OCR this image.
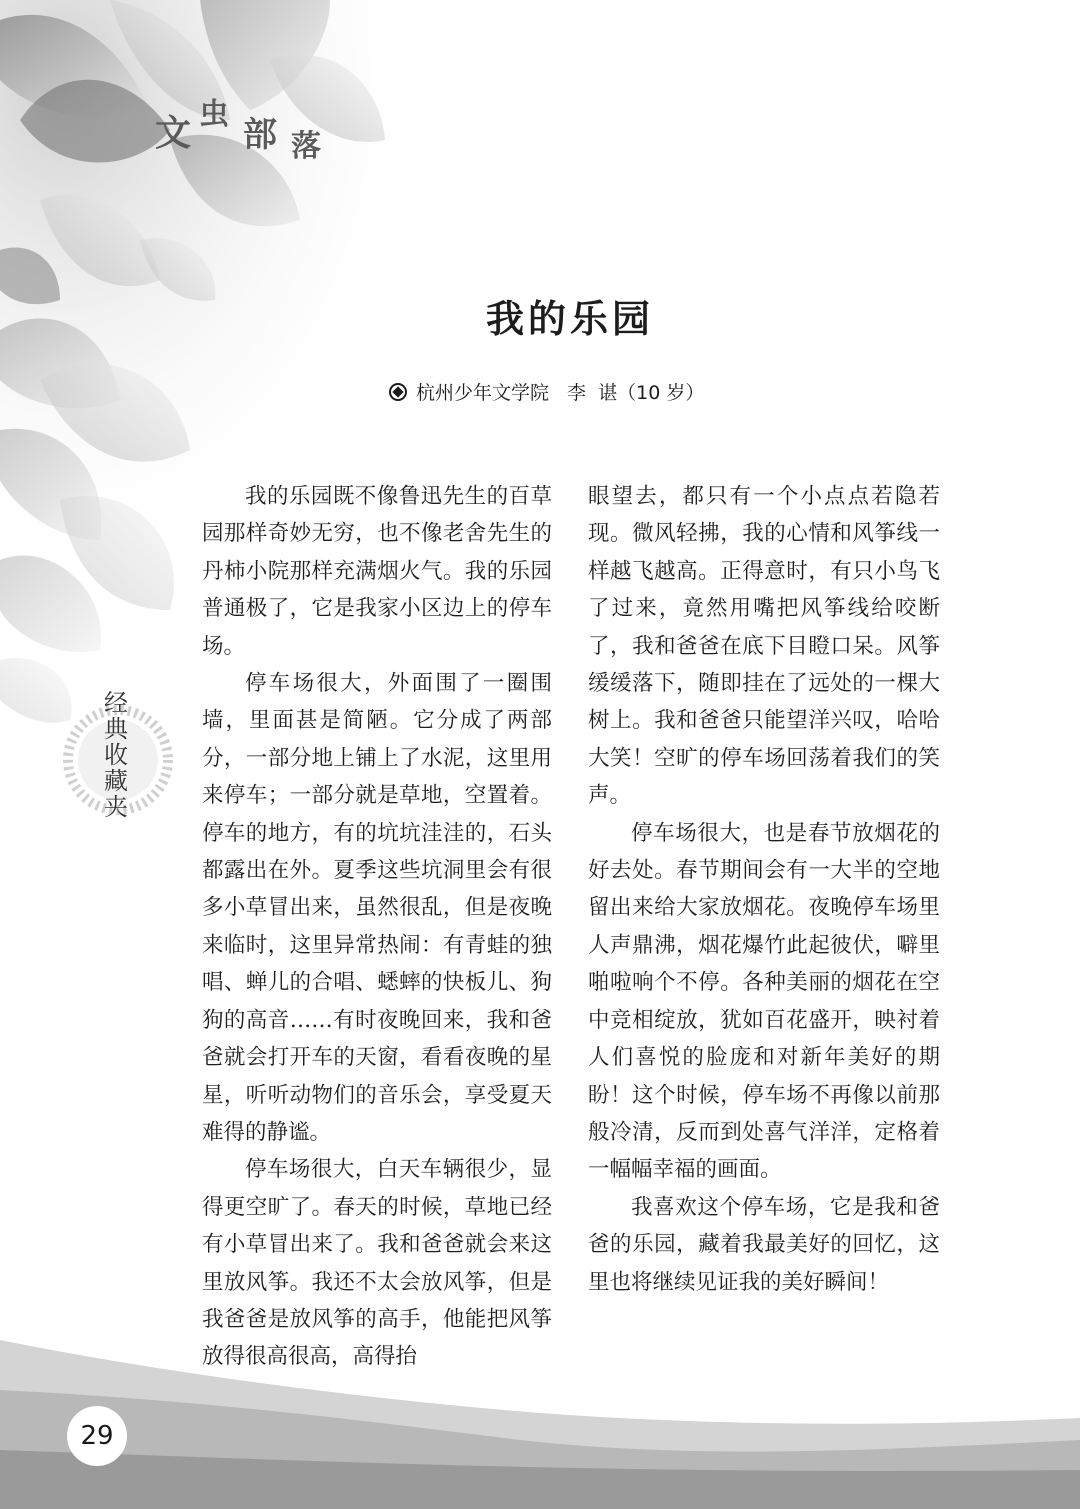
文 虫
部 落
我的乐园
杭州少年文学院 李  谌 （10 岁）
经
典
收
藏
夹

我的乐园既不像鲁迅先生的百草园那样奇妙无穷，也不像老舍先生的丹柿小院那样充满烟火气。我的乐园普通极了，它是我家小区边上的停车场。

停车场很大，外面围了一圈围墙，里面甚是简陋。它分成了两部分，一部分地上铺上了水泥，这里用来停车；一部分就是草地，空置着。停车的地方，有的坑坑洼洼的，石头都露出在外。夏季这些坑洞里会有很多小草冒出来，虽然很乱，但是夜晚来临时，这里异常热闹：有青蛙的独唱、蝉儿的合唱、蟋蟀的快板儿、狗狗的高音……有时夜晚回来，我和爸爸就会打开车的天窗，看看夜晚的星星，听听动物们的音乐会，享受夏天难得的静谧。

停车场很大，白天车辆很少，显得更空旷了。春天的时候，草地已经有小草冒出来了。我和爸爸就会来这里放风筝。我还不太会放风筝，但是我爸爸是放风筝的高手，他能把风筝放得很高很高，高得抬

眼望去，都只有一个小点点若隐若现。微风轻拂，我的心情和风筝线一样越飞越高。正得意时，有只小鸟飞了过来，竟然用嘴把风筝线给咬断了，我和爸爸在底下目瞪口呆。风筝缓缓落下，随即挂在了远处的一棵大树上。我和爸爸只能望洋兴叹，哈哈大笑！空旷的停车场回荡着我们的笑声。

停车场很大，也是春节放烟花的好去处。春节期间会有一大半的空地留出来给大家放烟花。夜晚停车场里人声鼎沸，烟花爆竹此起彼伏，噼里啪啦响个不停。各种美丽的烟花在空中竞相绽放，犹如百花盛开，映衬着人们喜悦的脸庞和对新年美好的期盼！这个时候，停车场不再像以前那般冷清，反而到处喜气洋洋，定格着一幅幅幸福的画面。

我喜欢这个停车场，它是我和爸爸的乐园，藏着我最美好的回忆，这里也将继续见证我的美好瞬间！

29
